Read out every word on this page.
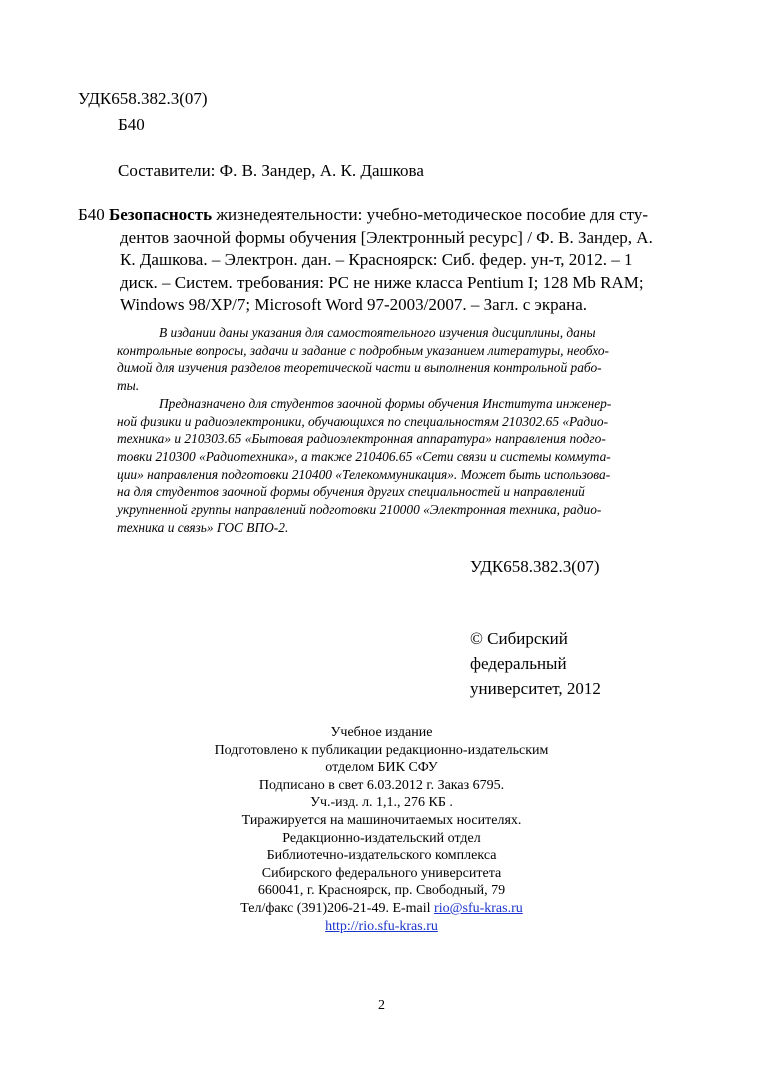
УДК658.382.3(07)
Б40
Составители: Ф. В. Зандер, А. К. Дашкова
Б40 Безопасность жизнедеятельности: учебно-методическое пособие для сту-
дентов заочной формы обучения [Электронный ресурс] / Ф. В. Зандер, А.
К. Дашкова. – Электрон. дан. – Красноярск: Сиб. федер. ун-т, 2012. – 1
диск. – Систем. требования: PC не ниже класса Pentium I; 128 Mb RAM;
Windows 98/XP/7; Microsoft Word 97-2003/2007. – Загл. с экрана.
В издании даны указания для самостоятельного изучения дисциплины, даны
контрольные вопросы, задачи и задание с подробным указанием литературы, необхо-
димой для изучения разделов теоретической части и выполнения контрольной рабо-
ты.
Предназначено для студентов заочной формы обучения Института инженер-
ной физики и радиоэлектроники, обучающихся по специальностям 210302.65 «Радио-
техника» и 210303.65 «Бытовая радиоэлектронная аппаратура» направления подго-
товки 210300 «Радиотехника», а также 210406.65 «Сети связи и системы коммута-
ции» направления подготовки 210400 «Телекоммуникация». Может быть использова-
на для студентов заочной формы обучения других специальностей и направлений
укрупненной группы направлений подготовки 210000 «Электронная техника, радио-
техника и связь» ГОС ВПО-2.
УДК658.382.3(07)
© Сибирский
федеральный
университет, 2012
Учебное издание
Подготовлено к публикации редакционно-издательским
отделом БИК СФУ
Подписано в свет 6.03.2012 г. Заказ 6795.
Уч.-изд. л. 1,1., 276 КБ .
Тиражируется на машиночитаемых носителях.
Редакционно-издательский отдел
Библиотечно-издательского комплекса
Сибирского федерального университета
660041, г. Красноярск, пр. Свободный, 79
Тел/факс (391)206-21-49. E-mail rio@sfu-kras.ru
http://rio.sfu-kras.ru
2
